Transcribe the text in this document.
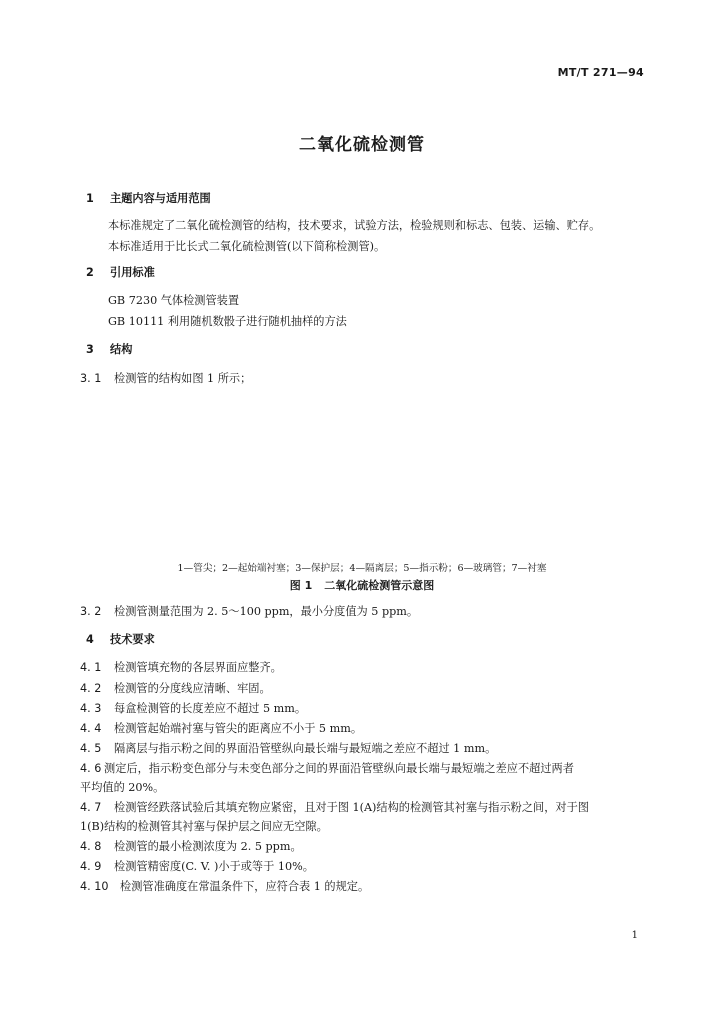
MT/T 271—94
二氧化硫检测管
1 主题内容与适用范围
本标准规定了二氧化硫检测管的结构，技术要求，试验方法，检验规则和标志、包装、运输、贮存。
本标准适用于比长式二氧化硫检测管(以下简称检测管)。
2 引用标准
GB 7230 气体检测管装置
GB 10111 利用随机数骰子进行随机抽样的方法
3 结构
3. 1 检测管的结构如图 1 所示；
1—管尖；2—起始端衬塞；3—保护层；4—隔离层；5—指示粉；6—玻璃管；7—衬塞
图 1 二氧化硫检测管示意图
3. 2 检测管测量范围为 2. 5～100 ppm，最小分度值为 5 ppm。
4 技术要求
4. 1 检测管填充物的各层界面应整齐。
4. 2 检测管的分度线应清晰、牢固。
4. 3 每盒检测管的长度差应不超过 5 mm。
4. 4 检测管起始端衬塞与管尖的距离应不小于 5 mm。
4. 5 隔离层与指示粉之间的界面沿管壁纵向最长端与最短端之差应不超过 1 mm。
4. 6 测定后，指示粉变色部分与未变色部分之间的界面沿管壁纵向最长端与最短端之差应不超过两者
平均值的 20%。
4. 7 检测管经跌落试验后其填充物应紧密，且对于图 1(A)结构的检测管其衬塞与指示粉之间，对于图
1(B)结构的检测管其衬塞与保护层之间应无空隙。
4. 8 检测管的最小检测浓度为 2. 5 ppm。
4. 9 检测管精密度(C. V. )小于或等于 10%。
4. 10 检测管准确度在常温条件下，应符合表 1 的规定。
1
